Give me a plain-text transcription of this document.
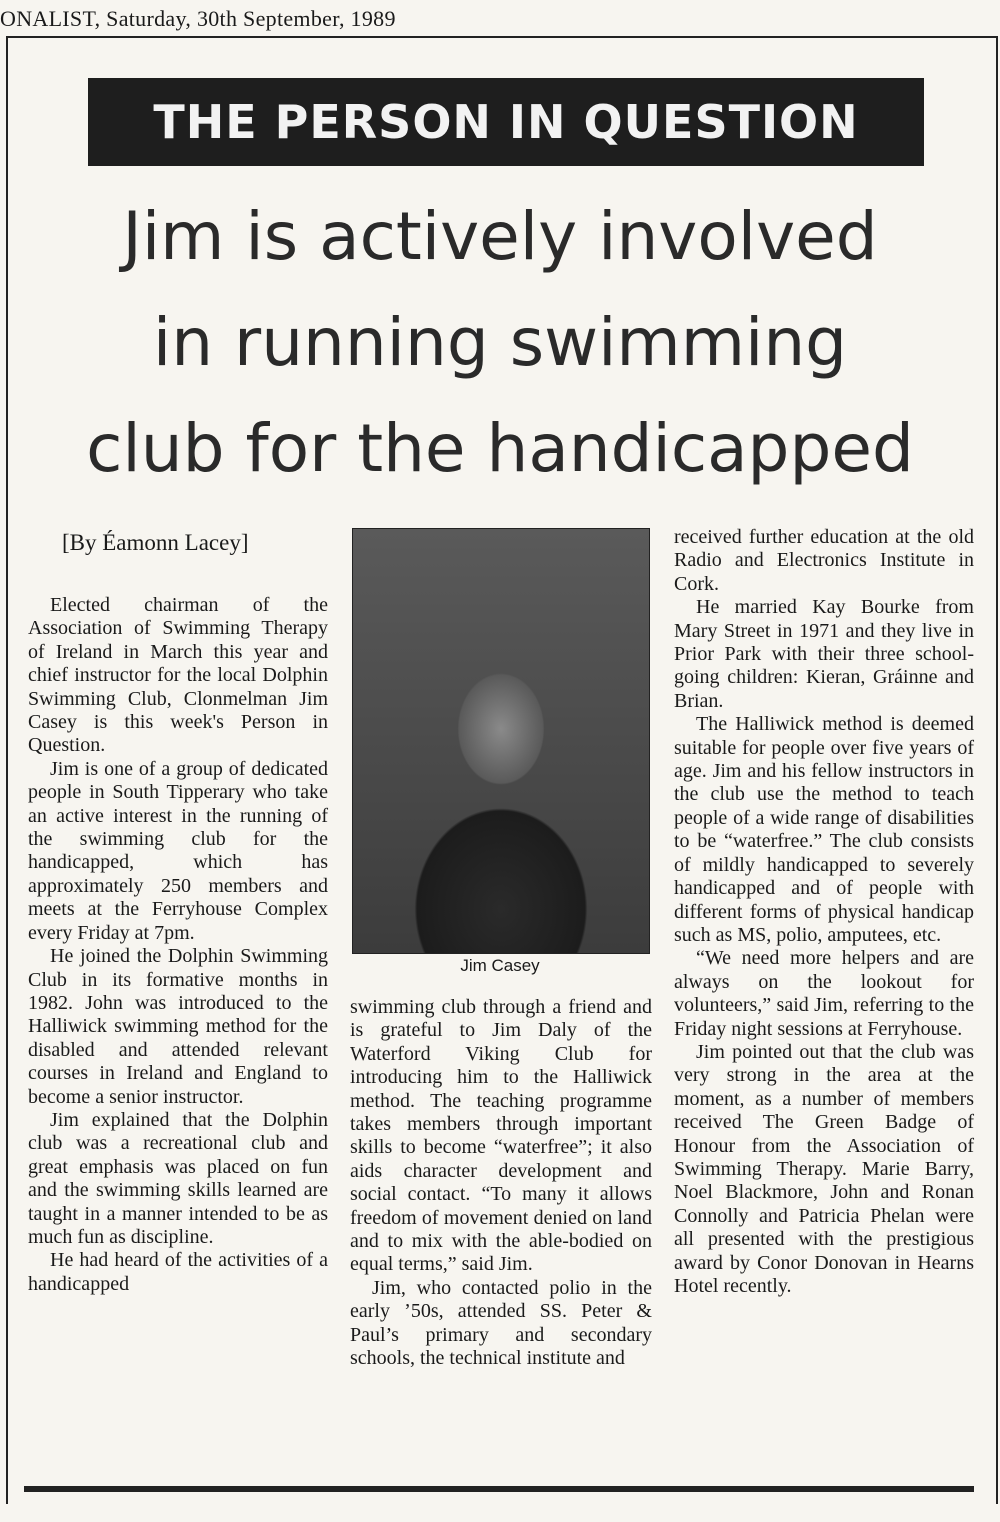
ONALIST, Saturday, 30th September, 1989
THE PERSON IN QUESTION
Jim is actively involved
in running swimming
club for the handicapped
[By Éamonn Lacey]

Elected chairman of the Association of Swimming Therapy of Ireland in March this year and chief instructor for the local Dolphin Swimming Club, Clonmelman Jim Casey is this week's Person in Question.

Jim is one of a group of dedicated people in South Tipperary who take an active interest in the running of the swimming club for the handicapped, which has approximately 250 members and meets at the Ferryhouse Complex every Friday at 7pm.

He joined the Dolphin Swimming Club in its formative months in 1982. John was introduced to the Halliwick swimming method for the disabled and attended relevant courses in Ireland and England to become a senior instructor.

Jim explained that the Dolphin club was a recreational club and great emphasis was placed on fun and the swimming skills learned are taught in a manner intended to be as much fun as discipline.

He had heard of the activities of a handicapped

Jim Casey

swimming club through a friend and is grateful to Jim Daly of the Waterford Viking Club for introducing him to the Halliwick method. The teaching programme takes members through important skills to become “waterfree”; it also aids character development and social contact. “To many it allows freedom of movement denied on land and to mix with the able-bodied on equal terms,” said Jim.

Jim, who contacted polio in the early ’50s, attended SS. Peter & Paul’s primary and secondary schools, the technical institute and

received further education at the old Radio and Electronics Institute in Cork.

He married Kay Bourke from Mary Street in 1971 and they live in Prior Park with their three school-going children: Kieran, Gráinne and Brian.

The Halliwick method is deemed suitable for people over five years of age. Jim and his fellow instructors in the club use the method to teach people of a wide range of disabilities to be “waterfree.” The club consists of mildly handicapped to severely handicapped and of people with different forms of physical handicap such as MS, polio, amputees, etc.

“We need more helpers and are always on the lookout for volunteers,” said Jim, referring to the Friday night sessions at Ferryhouse.

Jim pointed out that the club was very strong in the area at the moment, as a number of members received The Green Badge of Honour from the Association of Swimming Therapy. Marie Barry, Noel Blackmore, John and Ronan Connolly and Patricia Phelan were all presented with the prestigious award by Conor Donovan in Hearns Hotel recently.
